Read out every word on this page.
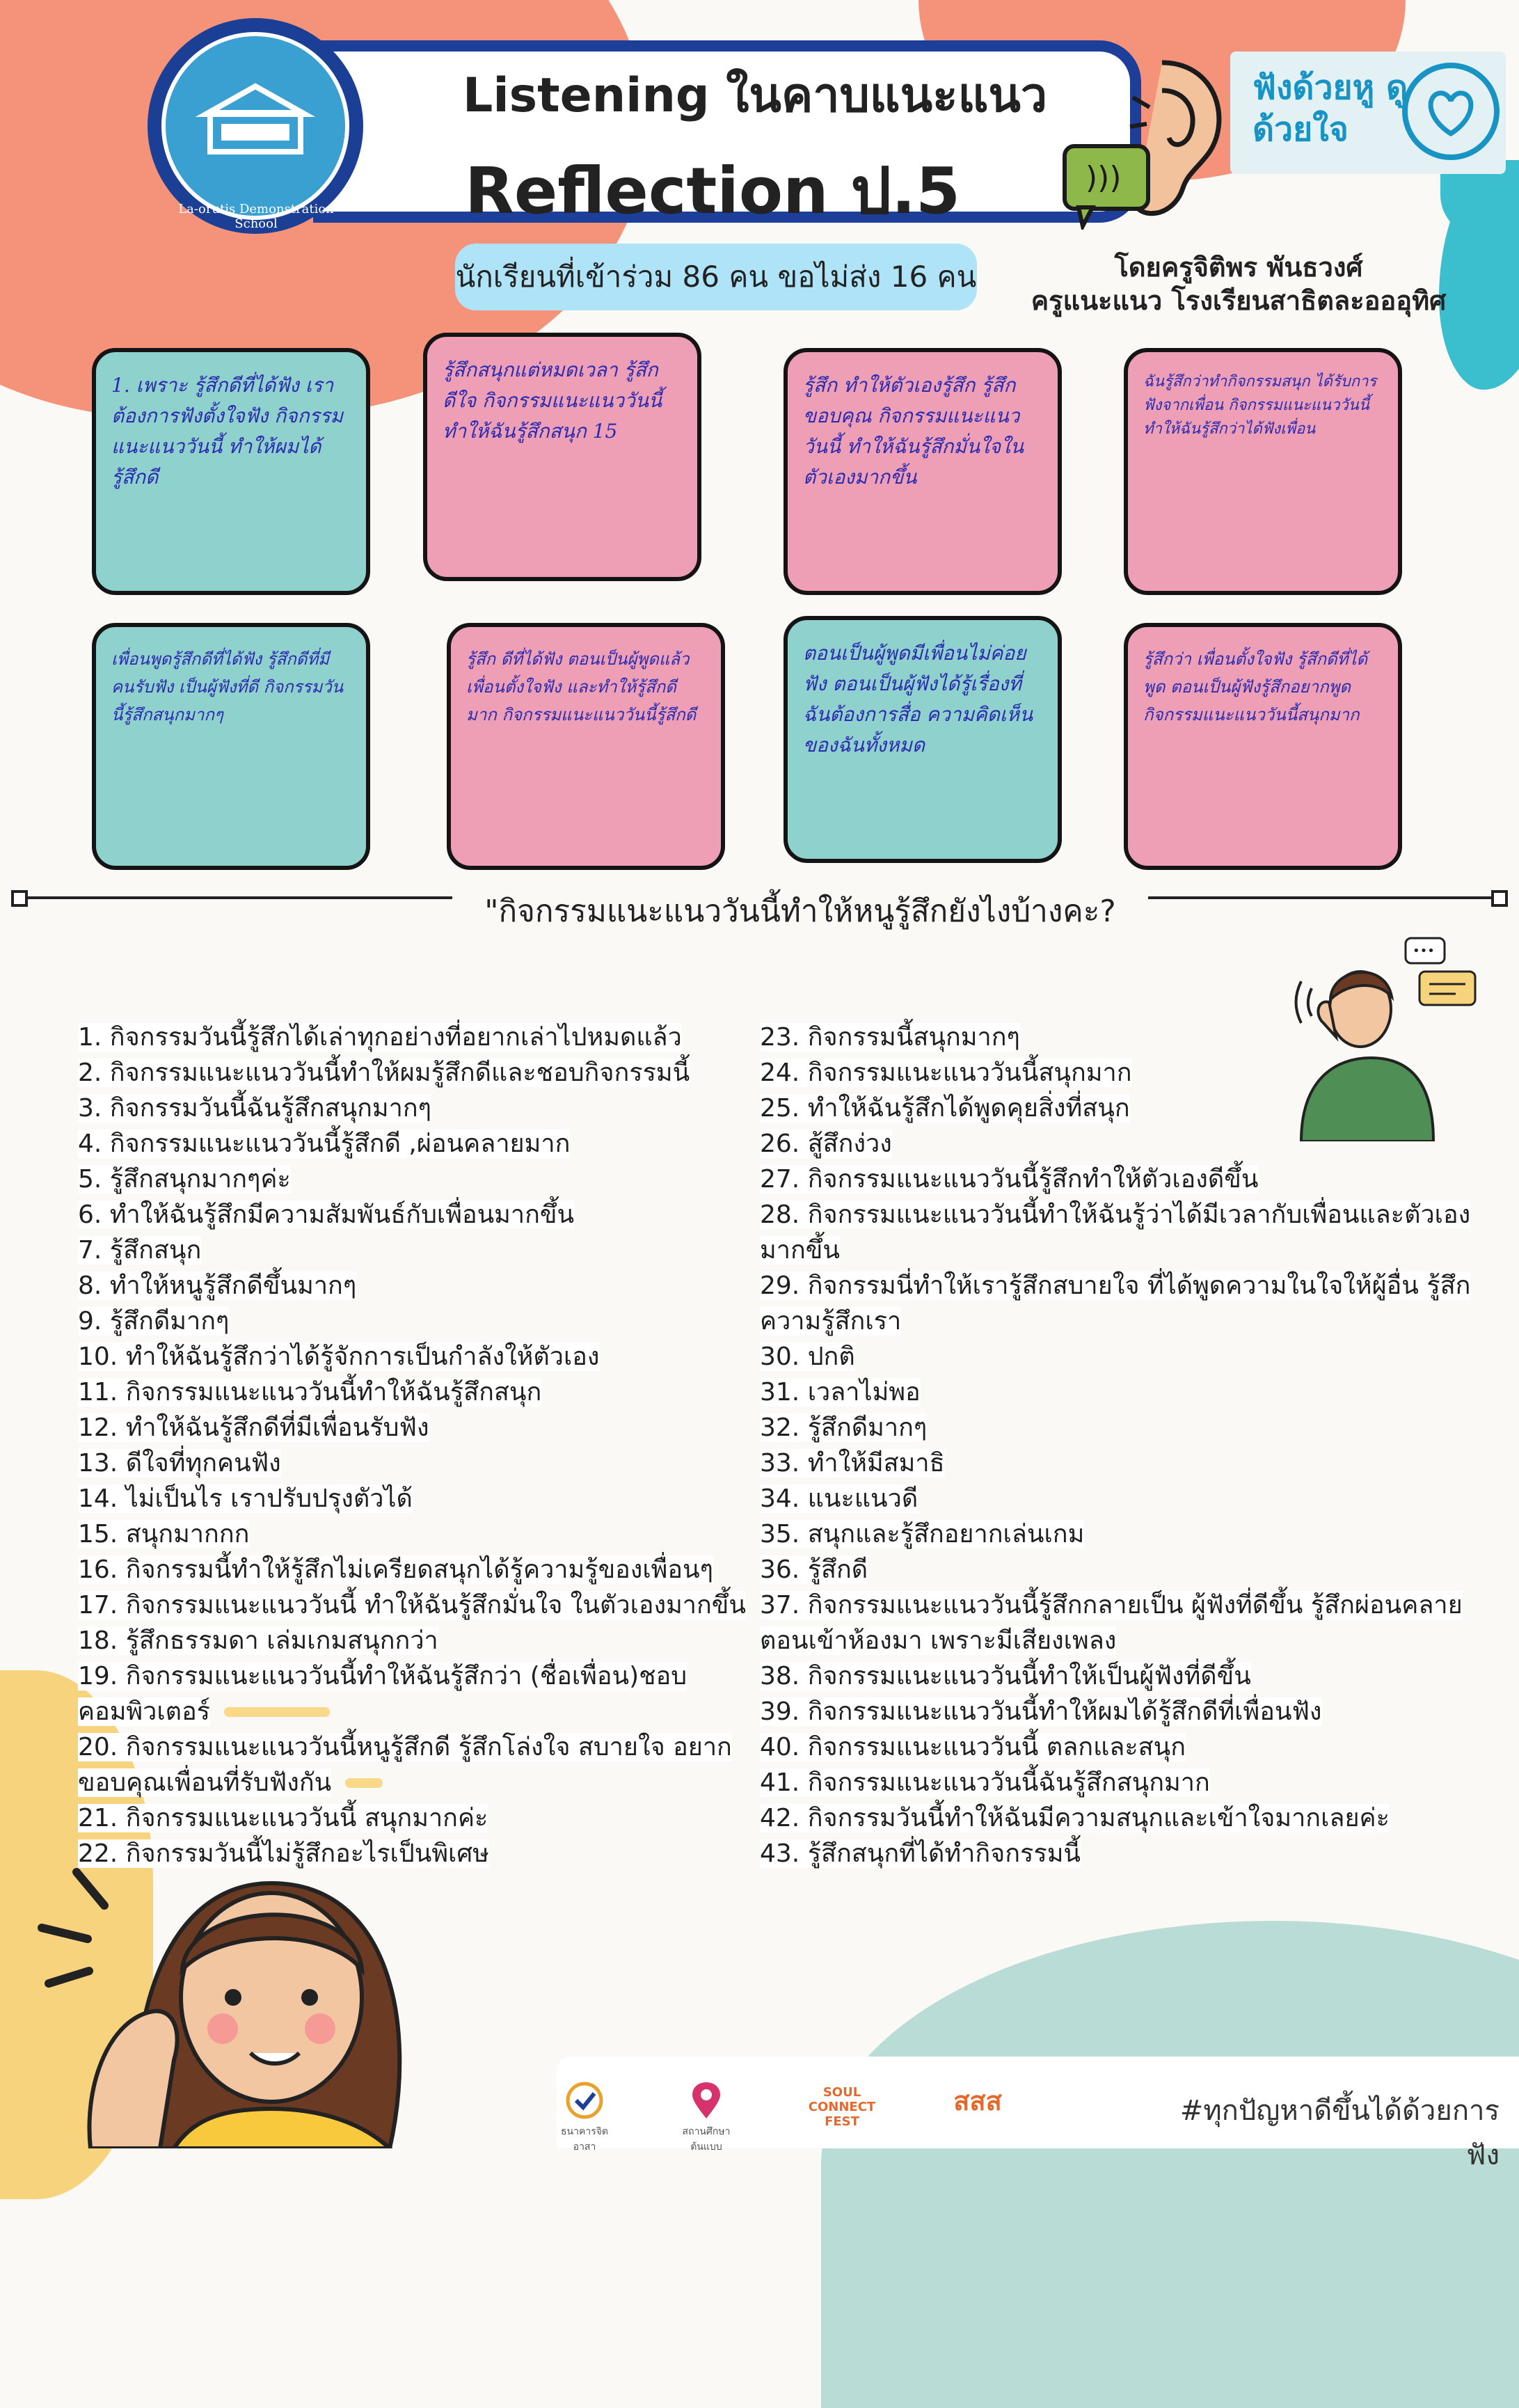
La-orutis Demonstration School
Listening ในคาบแนะแนว
Reflection ป.5	)))
ฟังด้วยหู ดูด้วยใจ
นักเรียนที่เข้าร่วม 86 คน ขอไม่ส่ง 16 คน	โดยครูจิติพร พันธวงศ์
ครูแนะแนว โรงเรียนสาธิตละอออุทิศ
1. เพราะ รู้สึกดีที่ได้ฟัง เราต้องการฟังตั้งใจฟัง กิจกรรมแนะแนววันนี้ ทำให้ผมได้รู้สึกดี
รู้สึกสนุกแต่หมดเวลา รู้สึกดีใจ กิจกรรมแนะแนววันนี้ ทำให้ฉันรู้สึกสนุก 15
รู้สึก ทำให้ตัวเองรู้สึก รู้สึก ขอบคุณ กิจกรรมแนะแนววันนี้ ทำให้ฉันรู้สึกมั่นใจในตัวเองมากขึ้น
ฉันรู้สึกว่าทำกิจกรรมสนุก ได้รับการฟังจากเพื่อน กิจกรรมแนะแนววันนี้ทำให้ฉันรู้สึกว่าได้ฟังเพื่อน
เพื่อนพูดรู้สึกดีที่ได้ฟัง รู้สึกดีที่มีคนรับฟัง เป็นผู้ฟังที่ดี กิจกรรมวันนี้รู้สึกสนุกมากๆ
รู้สึก ดีที่ได้ฟัง ตอนเป็นผู้พูดแล้วเพื่อนตั้งใจฟัง และทำให้รู้สึกดีมาก กิจกรรมแนะแนววันนี้รู้สึกดี
ตอนเป็นผู้พูดมีเพื่อนไม่ค่อยฟัง ตอนเป็นผู้ฟังได้รู้เรื่องที่ฉันต้องการสื่อ ความคิดเห็นของฉันทั้งหมด
รู้สึกว่า เพื่อนตั้งใจฟัง รู้สึกดีที่ได้พูด ตอนเป็นผู้ฟังรู้สึกอยากพูด กิจกรรมแนะแนววันนี้สนุกมาก
"กิจกรรมแนะแนววันนี้ทำให้หนูรู้สึกยังไงบ้างคะ?
•••
1. กิจกรรมวันนี้รู้สึกได้เล่าทุกอย่างที่อยากเล่าไปหมดแล้ว
2. กิจกรรมแนะแนววันนี้ทำให้ผมรู้สึกดีและชอบกิจกรรมนี้
3. กิจกรรมวันนี้ฉันรู้สึกสนุกมากๆ
4. กิจกรรมแนะแนววันนี้รู้สึกดี ,ผ่อนคลายมาก
5. รู้สึกสนุกมากๆค่ะ
6. ทำให้ฉันรู้สึกมีความสัมพันธ์กับเพื่อนมากขึ้น
7. รู้สึกสนุก
8. ทำให้หนูรู้สึกดีขึ้นมากๆ
9. รู้สึกดีมากๆ
10. ทำให้ฉันรู้สึกว่าได้รู้จักการเป็นกำลังให้ตัวเอง
11. กิจกรรมแนะแนววันนี้ทำให้ฉันรู้สึกสนุก
12. ทำให้ฉันรู้สึกดีที่มีเพื่อนรับฟัง
13. ดีใจที่ทุกคนฟัง
14. ไม่เป็นไร เราปรับปรุงตัวได้
15. สนุกมากกก
16. กิจกรรมนี้ทำให้รู้สึกไม่เครียดสนุกได้รู้ความรู้ของเพื่อนๆ
17. กิจกรรมแนะแนววันนี้ ทำให้ฉันรู้สึกมั่นใจ ในตัวเองมากขึ้น
18. รู้สึกธรรมดา เล่มเกมสนุกกว่า
19. กิจกรรมแนะแนววันนี้ทำให้ฉันรู้สึกว่า (ชื่อเพื่อน)ชอบ
คอมพิวเตอร์
20. กิจกรรมแนะแนววันนี้หนูรู้สึกดี รู้สึกโล่งใจ สบายใจ อยาก
ขอบคุณเพื่อนที่รับฟังกัน
21. กิจกรรมแนะแนววันนี้ สนุกมากค่ะ
22. กิจกรรมวันนี้ไม่รู้สึกอะไรเป็นพิเศษ
23. กิจกรรมนี้สนุกมากๆ
24. กิจกรรมแนะแนววันนี้สนุกมาก
25. ทำให้ฉันรู้สึกได้พูดคุยสิ่งที่สนุก
26. สู้สึกง่วง
27. กิจกรรมแนะแนววันนี้รู้สึกทำให้ตัวเองดีขึ้น
28. กิจกรรมแนะแนววันนี้ทำให้ฉันรู้ว่าได้มีเวลากับเพื่อนและตัวเอง
มากขึ้น
29. กิจกรรมนี่ทำให้เรารู้สึกสบายใจ ที่ได้พูดความในใจให้ผู้อื่น รู้สึก
ความรู้สึกเรา
30. ปกติ
31. เวลาไม่พอ
32. รู้สึกดีมากๆ
33. ทำให้มีสมาธิ
34. แนะแนวดี
35. สนุกและรู้สึกอยากเล่นเกม
36. รู้สึกดี
37. กิจกรรมแนะแนววันนี้รู้สึกกลายเป็น ผู้ฟังที่ดีขึ้น รู้สึกผ่อนคลาย
ตอนเข้าห้องมา เพราะมีเสียงเพลง
38. กิจกรรมแนะแนววันนี้ทำให้เป็นผู้ฟังที่ดีขึ้น
39. กิจกรรมแนะแนววันนี้ทำให้ผมได้รู้สึกดีที่เพื่อนฟัง
40. กิจกรรมแนะแนววันนี้ ตลกและสนุก
41. กิจกรรมแนะแนววันนี้ฉันรู้สึกสนุกมาก
42. กิจกรรมวันนี้ทำให้ฉันมีความสนุกและเข้าใจมากเลยค่ะ
43. รู้สึกสนุกที่ได้ทำกิจกรรมนี้
ธนาคารจิตอาสา
สถานศึกษาต้นแบบ
SOUL CONNECT FEST
สสส	#ทุกปัญหาดีขึ้นได้ด้วยการฟัง
